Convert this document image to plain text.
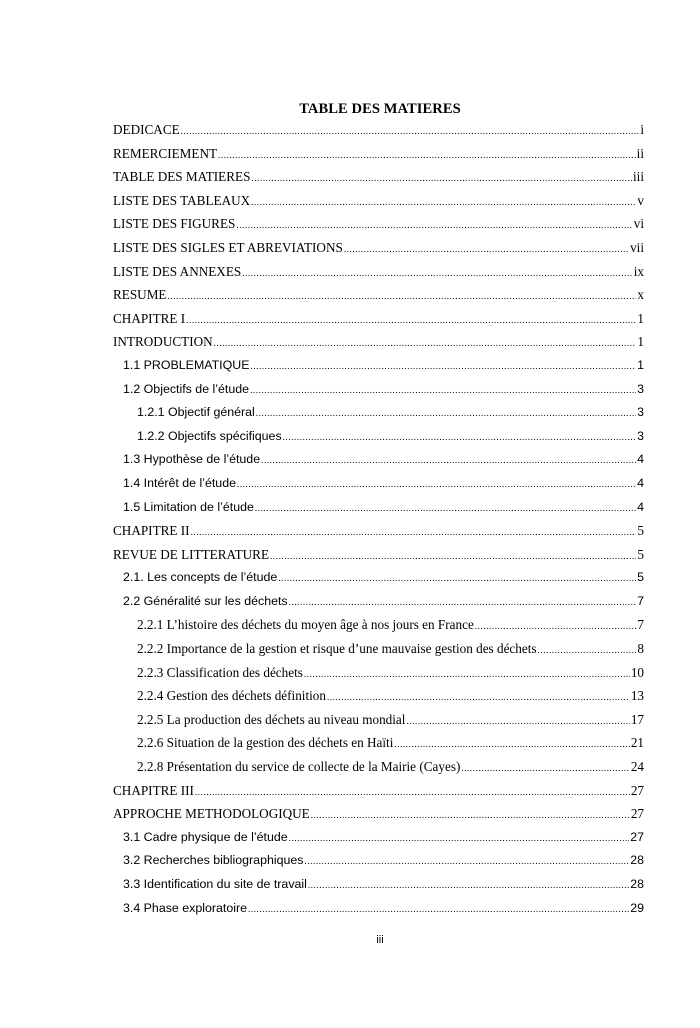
TABLE DES MATIERES
DEDICACE .....	i
REMERCIEMENT .....	ii
TABLE DES MATIERES .....	iii
LISTE DES TABLEAUX .....	v
LISTE DES FIGURES .....	vi
LISTE DES SIGLES ET ABREVIATIONS .....	vii
LISTE DES ANNEXES .....	ix
RESUME .....	x
CHAPITRE I .....	1
INTRODUCTION .....	1
1.1 PROBLEMATIQUE .....	1
1.2 Objectifs de l’étude .....	3
1.2.1 Objectif général .....	3
1.2.2 Objectifs spécifiques .....	3
1.3 Hypothèse de l’étude .....	4
1.4 Intérêt de l’étude .....	4
1.5 Limitation de l’étude .....	4
CHAPITRE II .....	5
REVUE DE LITTERATURE .....	5
2.1. Les concepts de l’étude .....	5
2.2 Généralité sur les déchets .....	7
2.2.1 L’histoire des déchets du moyen âge à nos jours en France .....	7
2.2.2 Importance de la gestion et risque d’une mauvaise gestion des déchets .....	8
2.2.3 Classification des déchets .....	10
2.2.4 Gestion des déchets définition .....	13
2.2.5 La production des déchets au niveau mondial .....	17
2.2.6 Situation de la gestion des déchets en Haïti .....	21
2.2.8 Présentation du service de collecte de la Mairie (Cayes) .....	24
CHAPITRE III .....	27
APPROCHE METHODOLOGIQUE .....	27
3.1 Cadre physique de l’étude .....	27
3.2 Recherches bibliographiques .....	28
3.3 Identification du site de travail .....	28
3.4 Phase exploratoire .....	29
iii
